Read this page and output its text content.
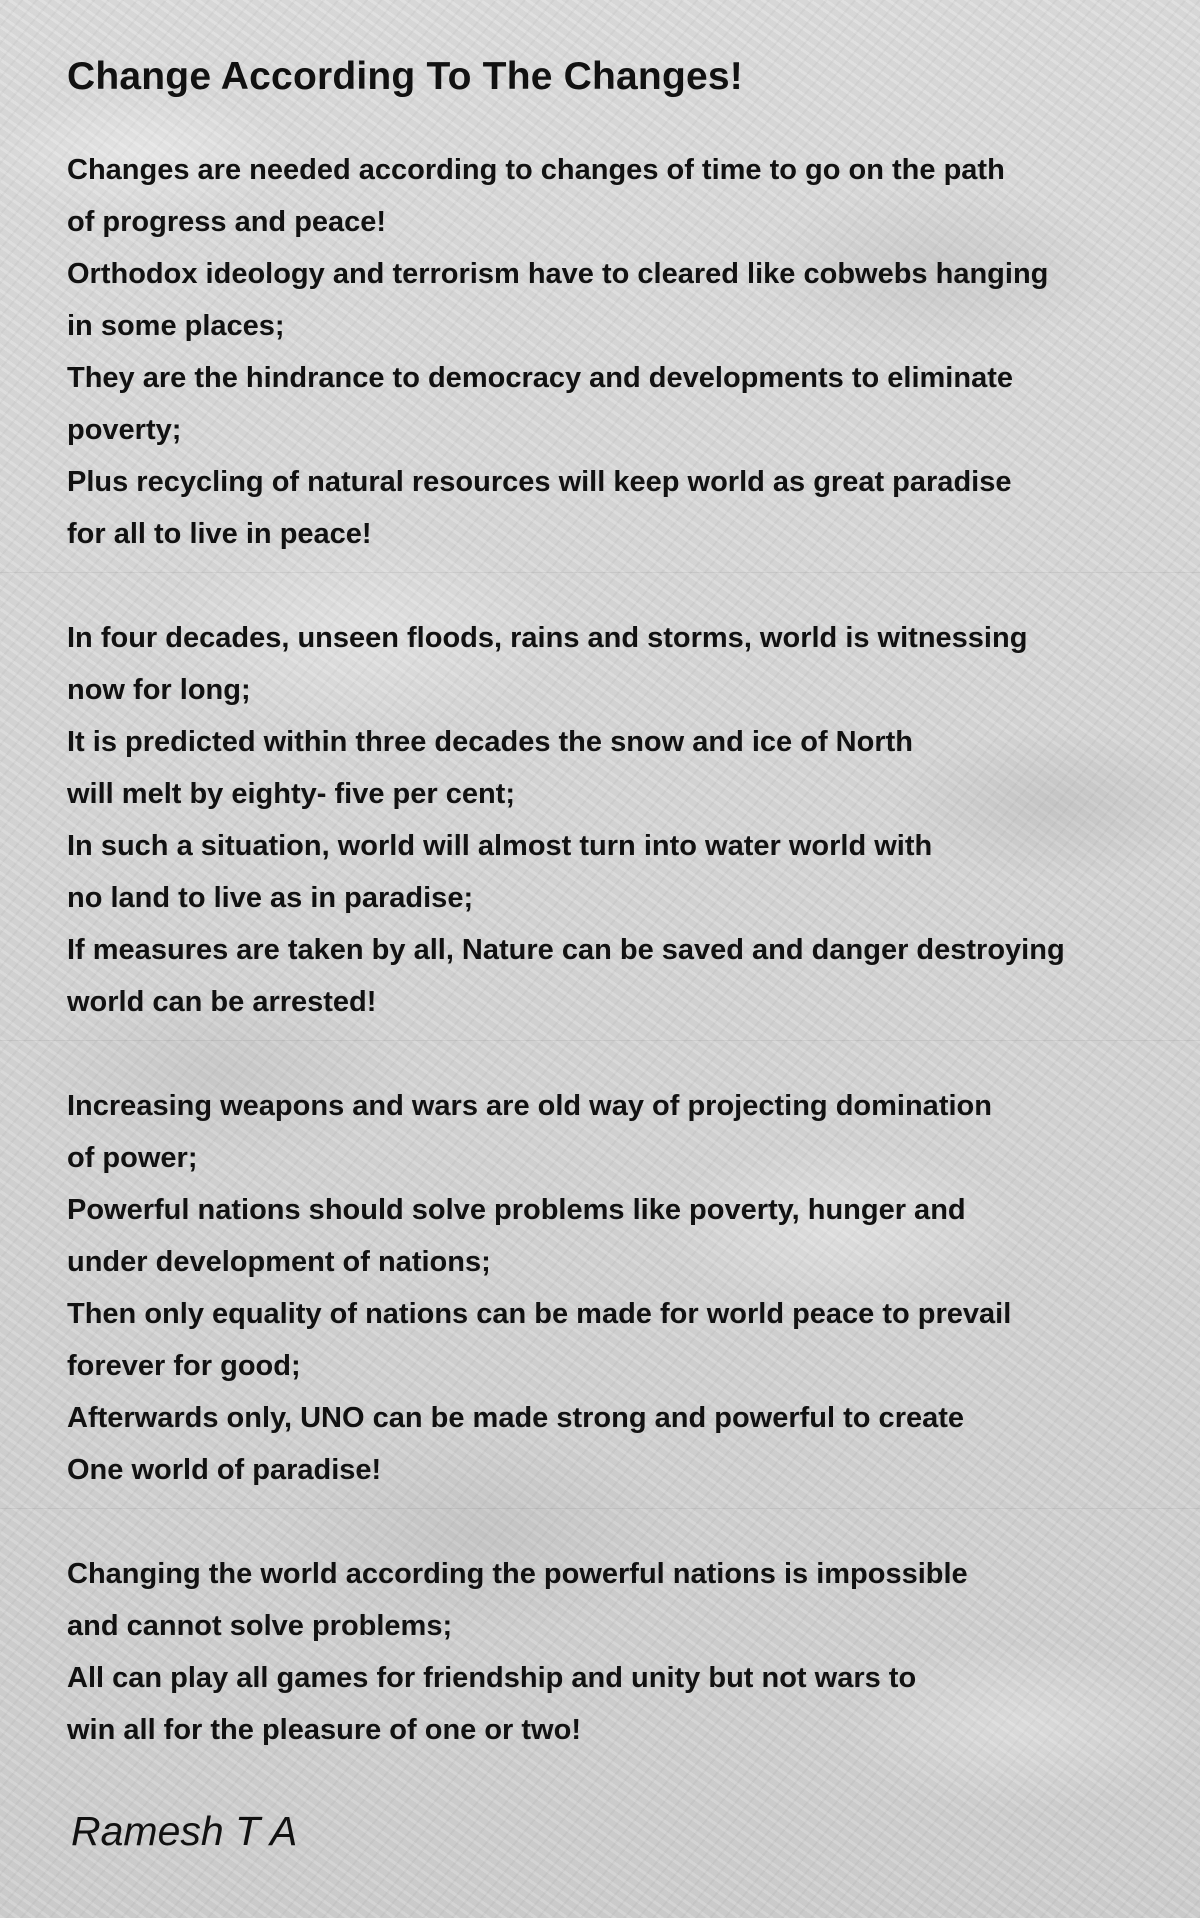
Change According To The Changes!
Changes are needed according to changes of time to go on the path
of progress and peace!
Orthodox ideology and terrorism have to cleared like cobwebs hanging
in some places;
They are the hindrance to democracy and developments to eliminate
poverty;
Plus recycling of natural resources will keep world as great paradise
for all to live in peace!
In four decades, unseen floods, rains and storms, world is witnessing
now for long;
It is predicted within three decades the snow and ice of North
will melt by eighty- five per cent;
In such a situation, world will almost turn into water world with
no land to live as in paradise;
If measures are taken by all, Nature can be saved and danger destroying
world can be arrested!
Increasing weapons and wars are old way of projecting domination
of power;
Powerful nations should solve problems like poverty, hunger and
under development of nations;
Then only equality of nations can be made for world peace to prevail
forever for good;
Afterwards only, UNO can be made strong and powerful to create
One world of paradise!
Changing the world according the powerful nations is impossible
and cannot solve problems;
All can play all games for friendship and unity but not wars to
win all for the pleasure of one or two!

Ramesh T A
